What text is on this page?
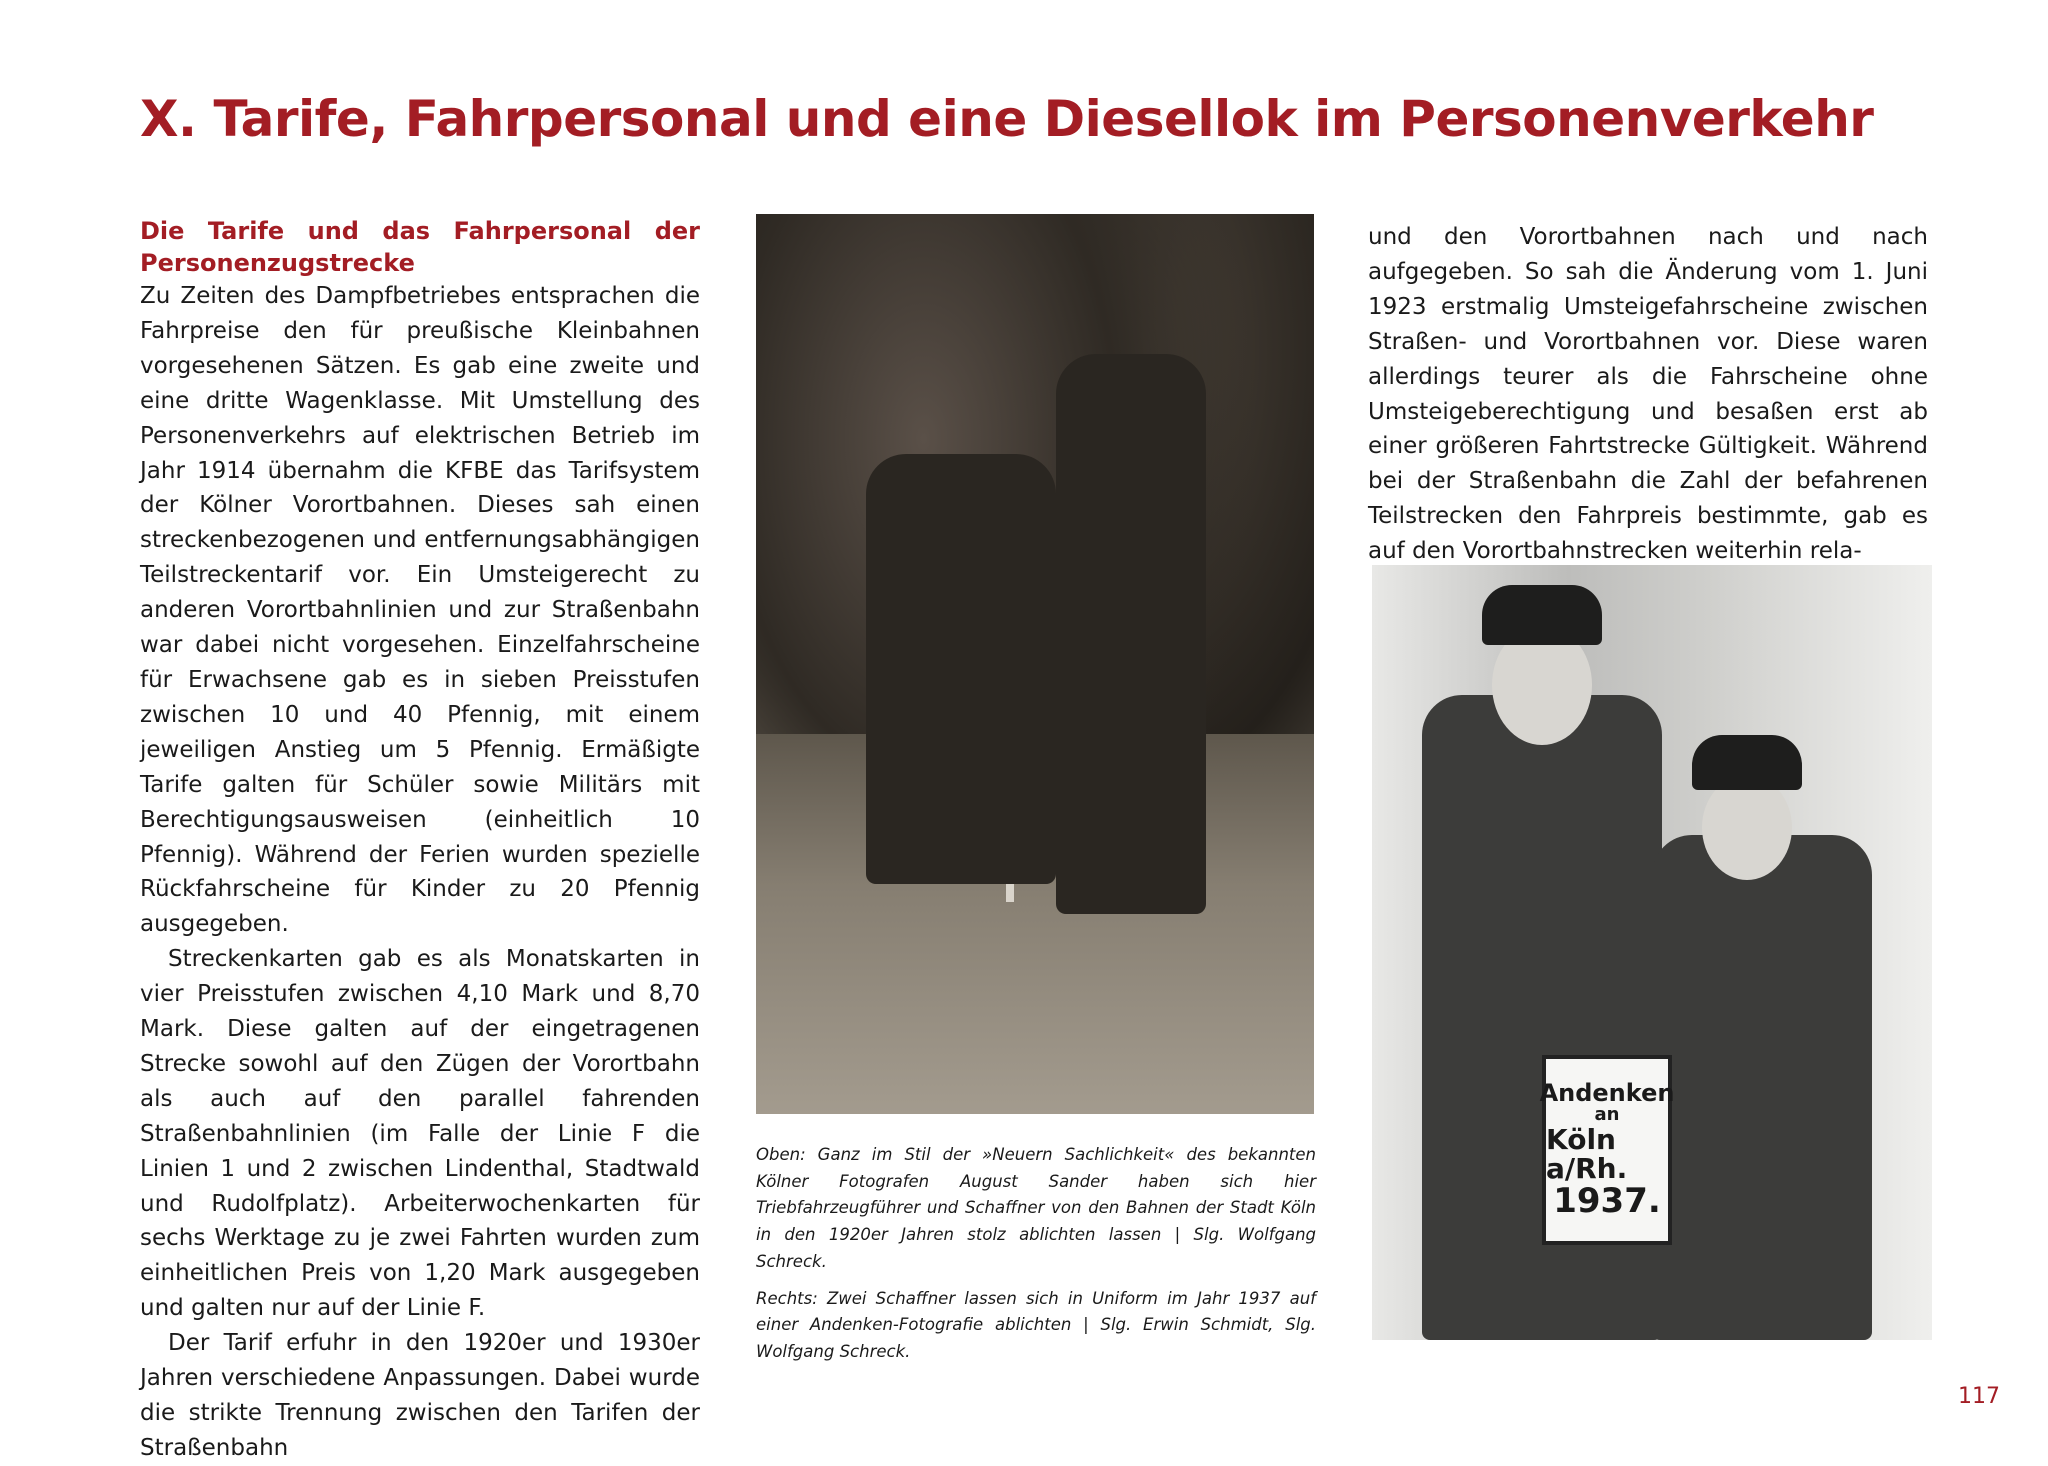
X. Tarife, Fahrpersonal und eine Diesellok im Personenverkehr
Die Tarife und das Fahrpersonal der Personenzugstrecke

Zu Zeiten des Dampfbetriebes entsprachen die Fahrpreise den für preußische Kleinbahnen vorgesehenen Sätzen. Es gab eine zweite und eine dritte Wagenklasse. Mit Umstellung des Personenverkehrs auf elektrischen Betrieb im Jahr 1914 übernahm die KFBE das Tarifsystem der Kölner Vorortbahnen. Dieses sah einen streckenbezogenen und entfernungsabhängigen Teilstreckentarif vor. Ein Umsteigerecht zu anderen Vorortbahnlinien und zur Straßenbahn war dabei nicht vorgesehen. Einzelfahrscheine für Erwachsene gab es in sieben Preisstufen zwischen 10 und 40 Pfennig, mit einem jeweiligen Anstieg um 5 Pfennig. Ermäßigte Tarife galten für Schüler sowie Militärs mit Berechtigungsausweisen (einheitlich 10 Pfennig). Während der Ferien wurden spezielle Rückfahrscheine für Kinder zu 20 Pfennig ausgegeben.

Streckenkarten gab es als Monatskarten in vier Preisstufen zwischen 4,10 Mark und 8,70 Mark. Diese galten auf der eingetragenen Strecke sowohl auf den Zügen der Vorortbahn als auch auf den parallel fahrenden Straßenbahnlinien (im Falle der Linie F die Linien 1 und 2 zwischen Lindenthal, Stadtwald und Rudolfplatz). Arbeiterwochenkarten für sechs Werktage zu je zwei Fahrten wurden zum einheitlichen Preis von 1,20 Mark ausgegeben und galten nur auf der Linie F.

Der Tarif erfuhr in den 1920er und 1930er Jahren verschiedene Anpassungen. Dabei wurde die strikte Trennung zwischen den Tarifen der Straßenbahn

Oben: Ganz im Stil der »Neuern Sachlichkeit« des bekannten Kölner Fotografen August Sander haben sich hier Triebfahrzeugführer und Schaffner von den Bahnen der Stadt Köln in den 1920er Jahren stolz ablichten lassen | Slg. Wolfgang Schreck.

Rechts: Zwei Schaffner lassen sich in Uniform im Jahr 1937 auf einer Andenken-Fotografie ablichten | Slg. Erwin Schmidt, Slg. Wolfgang Schreck.

und den Vorortbahnen nach und nach aufgegeben. So sah die Änderung vom 1. Juni 1923 erstmalig Umsteigefahrscheine zwischen Straßen- und Vorortbahnen vor. Diese waren allerdings teurer als die Fahrscheine ohne Umsteigeberechtigung und besaßen erst ab einer größeren Fahrtstrecke Gültigkeit. Während bei der Straßenbahn die Zahl der befahrenen Teilstrecken den Fahrpreis bestimmte, gab es auf den Vorortbahnstrecken weiterhin rela-

Andenken
an
Köln a/Rh.
1937.
117
